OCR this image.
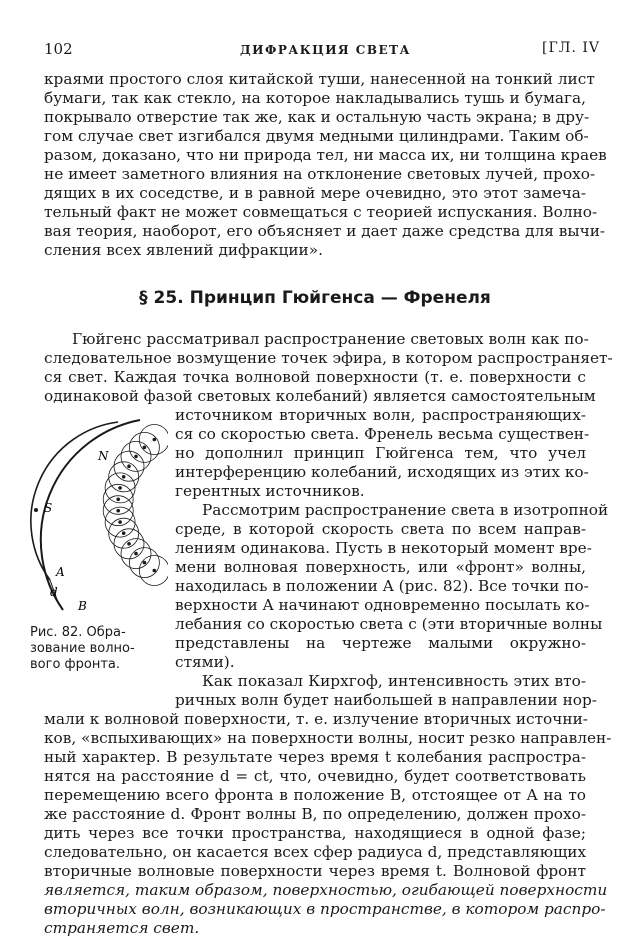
102	ДИФРАКЦИЯ СВЕТА	[ГЛ. IV
краями простого слоя китайской туши, нанесенной на тонкий лист
бумаги, так как стекло, на которое накладывались тушь и бумага,
покрывало отверстие так же, как и остальную часть экрана; в дру-
гом случае свет изгибался двумя медными цилиндрами. Таким об-
разом, доказано, что ни природа тел, ни масса их, ни толщина краев
не имеет заметного влияния на отклонение световых лучей, прохо-
дящих в их соседстве, и в равной мере очевидно, это этот замеча-
тельный факт не может совмещаться с теорией испускания. Волно-
вая теория, наоборот, его объясняет и дает даже средства для вычи-
сления всех явлений дифракции».
§ 25. Принцип Гюйгенса — Френеля
Гюйгенс рассматривал распространение световых волн как по-
следовательное возмущение точек эфира, в котором распространяет-
ся свет. Каждая точка волновой поверхности (т. е. поверхности с
одинаковой фазой световых колебаний) является самостоятельным
источником вторичных волн, распространяющих-
ся со скоростью света. Френель весьма существен-
но дополнил принцип Гюйгенса тем, что учел
интерференцию колебаний, исходящих из этих ко-
герентных источников.
Рассмотрим распространение света в изотропной
среде, в которой скорость света по всем направ-
лениям одинакова. Пусть в некоторый момент вре-
мени волновая поверхность, или «фронт» волны,
находилась в положении A (рис. 82). Все точки по-
верхности A начинают одновременно посылать ко-
лебания со скоростью света c (эти вторичные волны
представлены на чертеже малыми окружно-
стями).
Как показал Кирхгоф, интенсивность этих вто-
ричных волн будет наибольшей в направлении нор-
мали к волновой поверхности, т. е. излучение вторичных источни-
ков, «вспыхивающих» на поверхности волны, носит резко направлен-
ный характер. В результате через время t колебания распростра-
нятся на расстояние d = ct, что, очевидно, будет соответствовать
перемещению всего фронта в положение B, отстоящее от A на то
же расстояние d. Фронт волны B, по определению, должен прохо-
дить через все точки пространства, находящиеся в одной фазе;
следовательно, он касается всех сфер радиуса d, представляющих
вторичные волновые поверхности через время t. Волновой фронт
является, таким образом, поверхностью, огибающей поверхности
вторичных волн, возникающих в пространстве, в котором распро-
страняется свет.
N
S
A
d
B
Рис. 82. Обра-
зование волно-
вого фронта.
